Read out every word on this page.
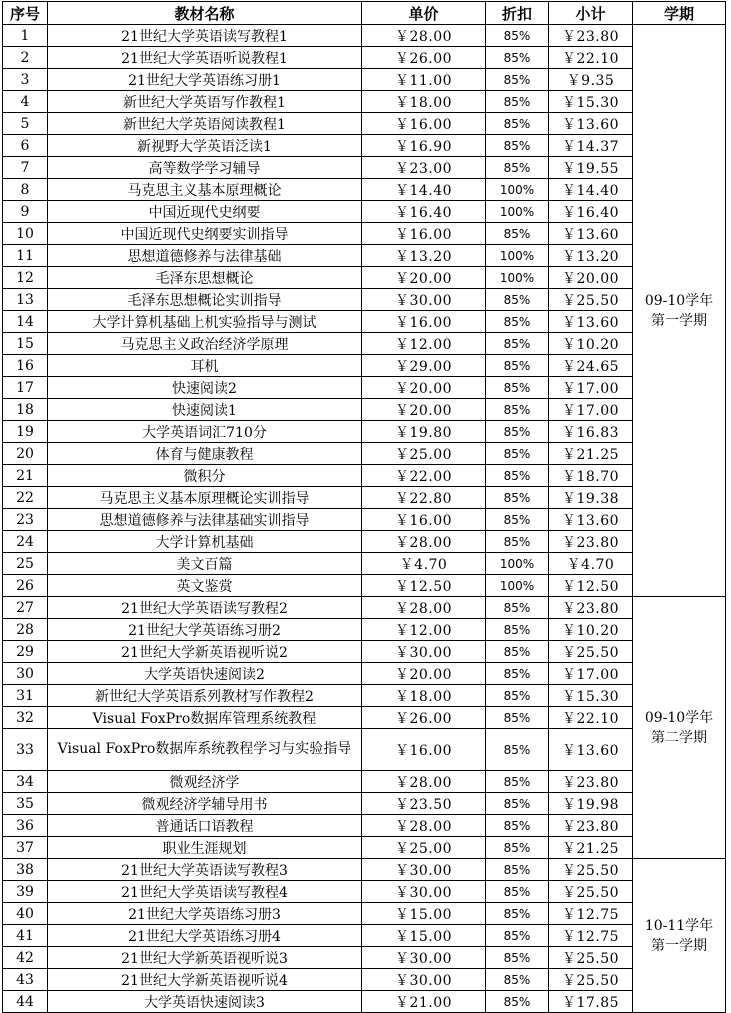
序号	教材名称	单价	折扣	小计	学期
1	21世纪大学英语读写教程1	￥28.00	85%	￥23.80	09-10学年
第一学期

2	21世纪大学英语听说教程1	￥26.00	85%	￥22.10	
3	21世纪大学英语练习册1	￥11.00	85%	￥9.35	
4	新世纪大学英语写作教程1	￥18.00	85%	￥15.30	
5	新世纪大学英语阅读教程1	￥16.00	85%	￥13.60	
6	新视野大学英语泛读1	￥16.90	85%	￥14.37	
7	高等数学学习辅导	￥23.00	85%	￥19.55	
8	马克思主义基本原理概论	￥14.40	100%	￥14.40	
9	中国近现代史纲要	￥16.40	100%	￥16.40	
10	中国近现代史纲要实训指导	￥16.00	85%	￥13.60	
11	思想道德修养与法律基础	￥13.20	100%	￥13.20	
12	毛泽东思想概论	￥20.00	100%	￥20.00	
13	毛泽东思想概论实训指导	￥30.00	85%	￥25.50	
14	大学计算机基础上机实验指导与测试	￥16.00	85%	￥13.60	
15	马克思主义政治经济学原理	￥12.00	85%	￥10.20	
16	耳机	￥29.00	85%	￥24.65	
17	快速阅读2	￥20.00	85%	￥17.00	
18	快速阅读1	￥20.00	85%	￥17.00	
19	大学英语词汇710分	￥19.80	85%	￥16.83	
20	体育与健康教程	￥25.00	85%	￥21.25	
21	微积分	￥22.00	85%	￥18.70	
22	马克思主义基本原理概论实训指导	￥22.80	85%	￥19.38	
23	思想道德修养与法律基础实训指导	￥16.00	85%	￥13.60	
24	大学计算机基础	￥28.00	85%	￥23.80	
25	美文百篇	￥4.70	100%	￥4.70	
26	英文鉴赏	￥12.50	100%	￥12.50	
27	21世纪大学英语读写教程2	￥28.00	85%	￥23.80	09-10学年
第二学期

28	21世纪大学英语练习册2	￥12.00	85%	￥10.20	
29	21世纪大学新英语视听说2	￥30.00	85%	￥25.50	
30	大学英语快速阅读2	￥20.00	85%	￥17.00	
31	新世纪大学英语系列教材写作教程2	￥18.00	85%	￥15.30	
32	Visual FoxPro数据库管理系统教程	￥26.00	85%	￥22.10	
33	Visual FoxPro数据库系统教程学习与实验指导	￥16.00	85%	￥13.60	
34	微观经济学	￥28.00	85%	￥23.80	
35	微观经济学辅导用书	￥23.50	85%	￥19.98	
36	普通话口语教程	￥28.00	85%	￥23.80	
37	职业生涯规划	￥25.00	85%	￥21.25	
38	21世纪大学英语读写教程3	￥30.00	85%	￥25.50	10-11学年
第一学期

39	21世纪大学英语读写教程4	￥30.00	85%	￥25.50	
40	21世纪大学英语练习册3	￥15.00	85%	￥12.75	
41	21世纪大学英语练习册4	￥15.00	85%	￥12.75	
42	21世纪大学新英语视听说3	￥30.00	85%	￥25.50	
43	21世纪大学新英语视听说4	￥30.00	85%	￥25.50	
44	大学英语快速阅读3	￥21.00	85%	￥17.85	
